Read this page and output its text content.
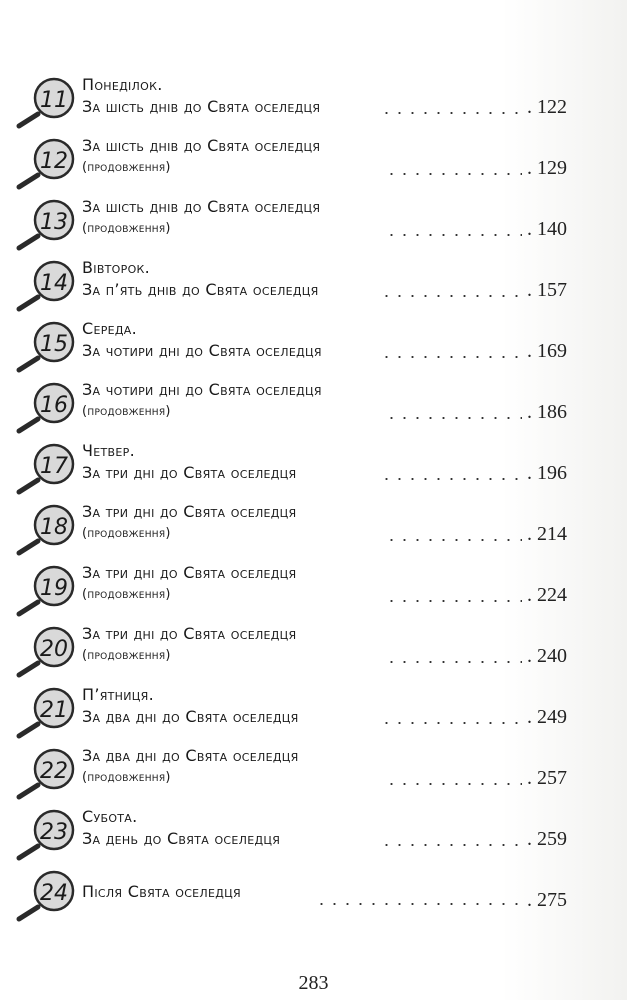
11
Понеділок.
За шість днів до Свята оселедця	. 122
12
За шість днів до Свята оселедця
(продовження)	. 129
13
За шість днів до Свята оселедця
(продовження)	. 140
14
Вівторок.
За п’ять днів до Свята оселедця	. 157
15
Середа.
За чотири дні до Свята оселедця	. 169
16
За чотири дні до Свята оселедця
(продовження)	. 186
17
Четвер.
За три дні до Свята оселедця	. 196
18
За три дні до Свята оселедця
(продовження)	. 214
19
За три дні до Свята оселедця
(продовження)	. 224
20
За три дні до Свята оселедця
(продовження)	. 240
21
П’ятниця.
За два дні до Свята оселедця	. 249
22
За два дні до Свята оселедця
(продовження)	. 257
23
Субота.
За день до Свята оселедця	. 259
24 Після Свята оселедця	. 275
283
